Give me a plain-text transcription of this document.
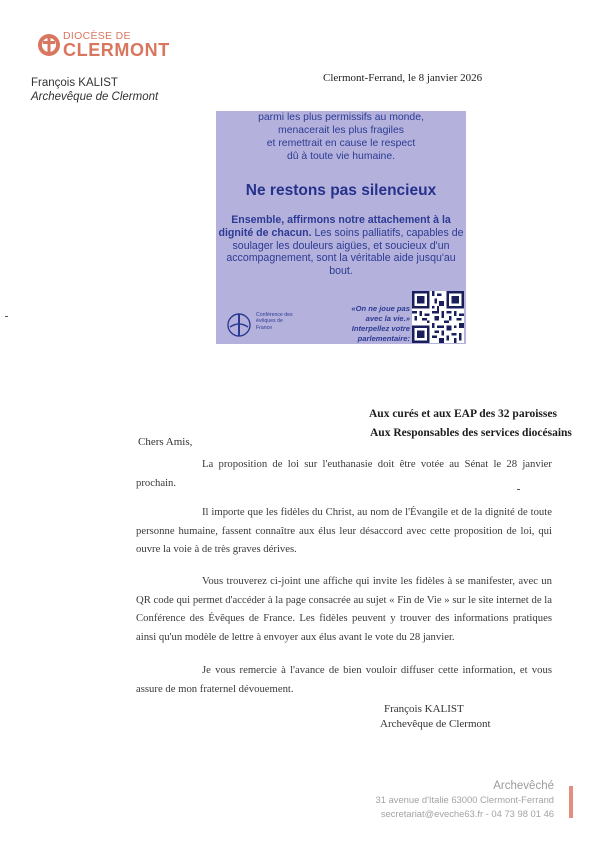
DIOCÈSE DE
CLERMONT
François KALIST
Archevêque de Clermont
Clermont-Ferrand, le 8 janvier 2026
parmi les plus permissifs au monde,
menacerait les plus fragiles
et remettrait en cause le respect
dû à toute vie humaine.
Ne restons pas silencieux
Ensemble, affirmons notre attachement à la dignité de chacun. Les soins palliatifs, capables de soulager les douleurs aigües, et soucieux d'un accompagnement, sont la véritable aide jusqu'au bout.
Conférence des évêques de France
«On ne joue pas
avec la vie.»
Interpellez votre
parlementaire:
Aux curés et aux EAP des 32 paroisses
Aux Responsables des services diocésains
Chers Amis,
La proposition de loi sur l'euthanasie doit être votée au Sénat le 28 janvier prochain.
Il importe que les fidèles du Christ, au nom de l'Évangile et de la dignité de toute personne humaine, fassent connaître aux élus leur désaccord avec cette proposition de loi, qui ouvre la voie à de très graves dérives.
Vous trouverez ci-joint une affiche qui invite les fidèles à se manifester, avec un QR code qui permet d'accéder à la page consacrée au sujet « Fin de Vie » sur le site internet de la Conférence des Évêques de France. Les fidèles peuvent y trouver des informations pratiques ainsi qu'un modèle de lettre à envoyer aux élus avant le vote du 28 janvier.
Je vous remercie à l'avance de bien vouloir diffuser cette information, et vous assure de mon fraternel dévouement.
François KALIST
Archevêque de Clermont
Archevêché
31 avenue d'Italie 63000 Clermont-Ferrand
secretariat@eveche63.fr - 04 73 98 01 46
